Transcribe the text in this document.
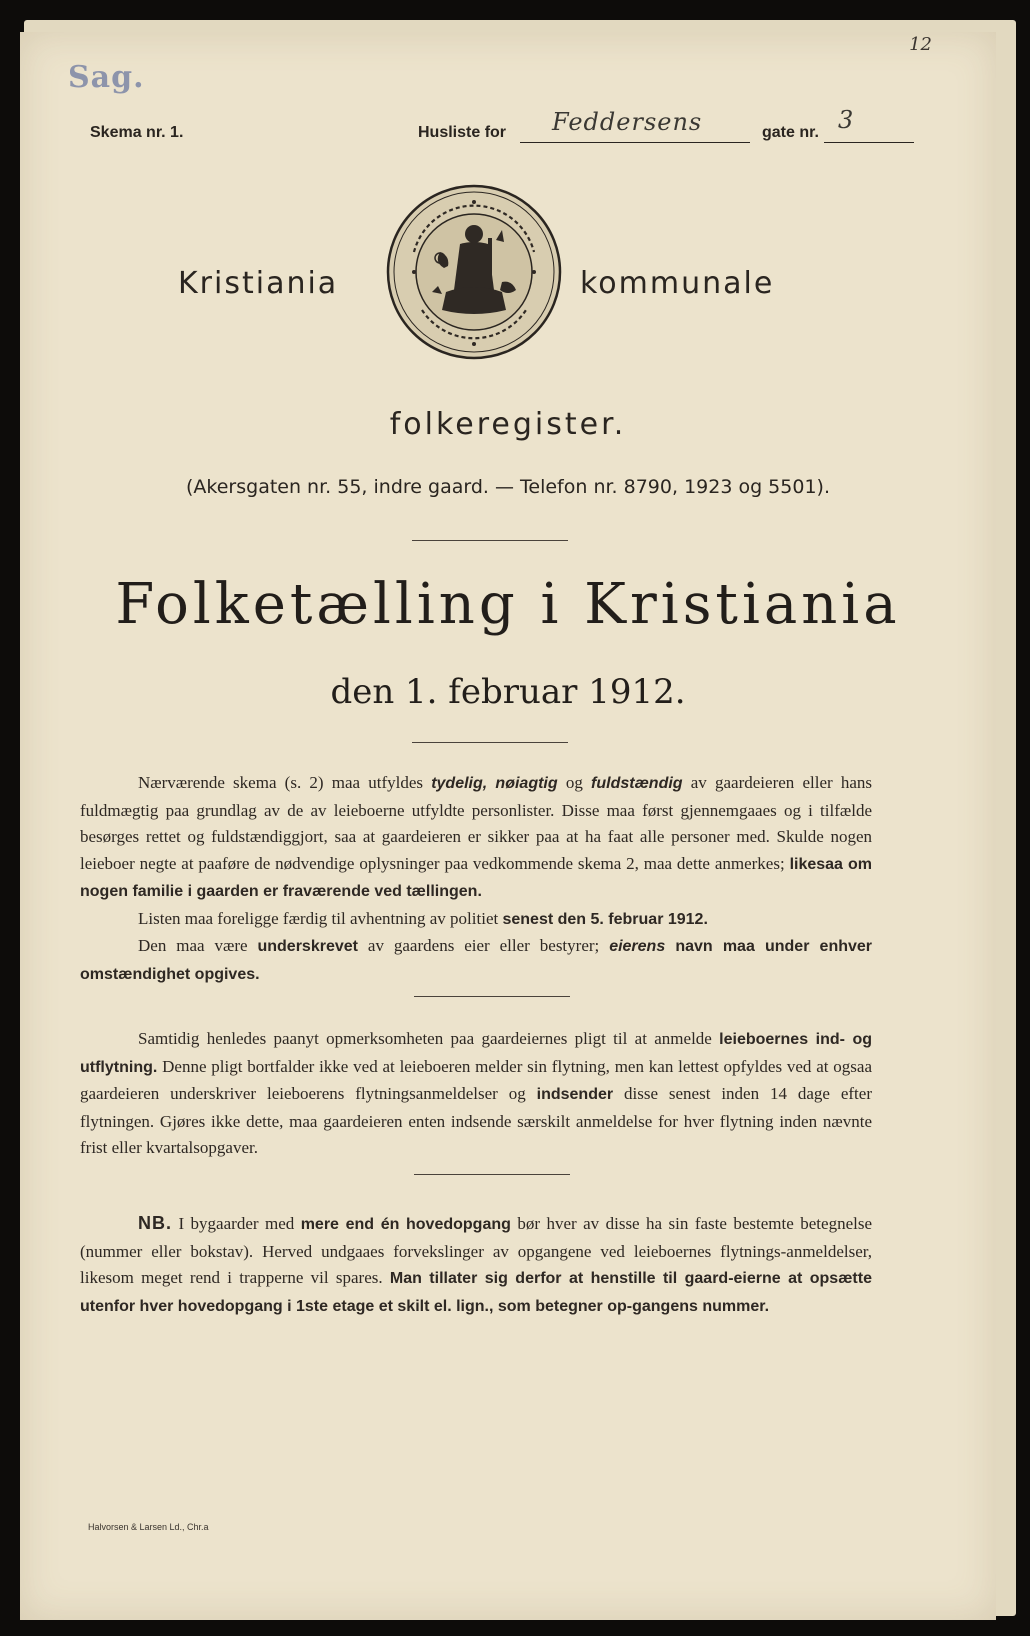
Sag.
12
Skema nr. 1.	Husliste for Feddersens	gate nr. 3
Kristiania	kommunale
folkeregister.
(Akersgaten nr. 55, indre gaard. — Telefon nr. 8790, 1923 og 5501).
Folketælling i Kristiania
den 1. februar 1912.
Nærværende skema (s. 2) maa utfyldes tydelig, nøiagtig og fuldstændig av gaardeieren eller hans fuldmægtig paa grundlag av de av leieboerne utfyldte personlister. Disse maa først gjennemgaaes og i tilfælde besørges rettet og fuldstændiggjort, saa at gaardeieren er sikker paa at ha faat alle personer med. Skulde nogen leieboer negte at paaføre de nødvendige oplysninger paa vedkommende skema 2, maa dette anmerkes; likesaa om nogen familie i gaarden er fraværende ved tællingen.
Listen maa foreligge færdig til avhentning av politiet senest den 5. februar 1912.
Den maa være underskrevet av gaardens eier eller bestyrer; eierens navn maa under enhver omstændighet opgives.
Samtidig henledes paanyt opmerksomheten paa gaardeiernes pligt til at anmelde leieboernes ind- og utflytning. Denne pligt bortfalder ikke ved at leieboeren melder sin flytning, men kan lettest opfyldes ved at ogsaa gaardeieren underskriver leieboerens flytningsanmeldelser og indsender disse senest inden 14 dage efter flytningen. Gjøres ikke dette, maa gaardeieren enten indsende særskilt anmeldelse for hver flytning inden nævnte frist eller kvartalsopgaver.
NB. I bygaarder med mere end én hovedopgang bør hver av disse ha sin faste bestemte betegnelse (nummer eller bokstav). Herved undgaaes forvekslinger av opgangene ved leieboernes flytnings-anmeldelser, likesom meget rend i trapperne vil spares. Man tillater sig derfor at henstille til gaard-eierne at opsætte utenfor hver hovedopgang i 1ste etage et skilt el. lign., som betegner op-gangens nummer.
Halvorsen & Larsen Ld., Chr.a
